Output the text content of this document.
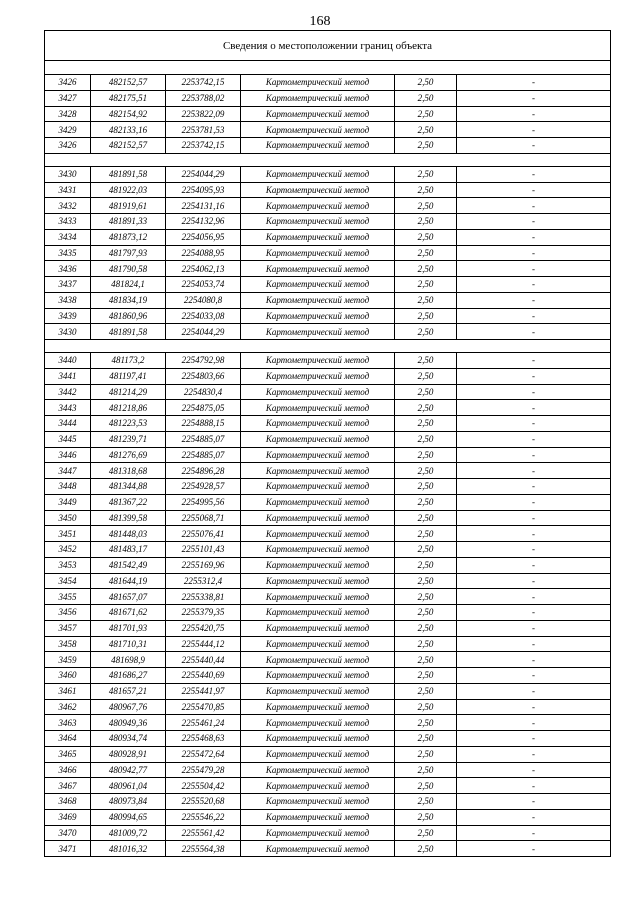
168
Сведения о местоположении границ объекта					

3426	482152,57	2253742,15	Картометрический метод	2,50	-
3427	482175,51	2253788,02	Картометрический метод	2,50	-
3428	482154,92	2253822,09	Картометрический метод	2,50	-
3429	482133,16	2253781,53	Картометрический метод	2,50	-
3426	482152,57	2253742,15	Картометрический метод	2,50	-

3430	481891,58	2254044,29	Картометрический метод	2,50	-
3431	481922,03	2254095,93	Картометрический метод	2,50	-
3432	481919,61	2254131,16	Картометрический метод	2,50	-
3433	481891,33	2254132,96	Картометрический метод	2,50	-
3434	481873,12	2254056,95	Картометрический метод	2,50	-
3435	481797,93	2254088,95	Картометрический метод	2,50	-
3436	481790,58	2254062,13	Картометрический метод	2,50	-
3437	481824,1	2254053,74	Картометрический метод	2,50	-
3438	481834,19	2254080,8	Картометрический метод	2,50	-
3439	481860,96	2254033,08	Картометрический метод	2,50	-
3430	481891,58	2254044,29	Картометрический метод	2,50	-

3440	481173,2	2254792,98	Картометрический метод	2,50	-
3441	481197,41	2254803,66	Картометрический метод	2,50	-
3442	481214,29	2254830,4	Картометрический метод	2,50	-
3443	481218,86	2254875,05	Картометрический метод	2,50	-
3444	481223,53	2254888,15	Картометрический метод	2,50	-
3445	481239,71	2254885,07	Картометрический метод	2,50	-
3446	481276,69	2254885,07	Картометрический метод	2,50	-
3447	481318,68	2254896,28	Картометрический метод	2,50	-
3448	481344,88	2254928,57	Картометрический метод	2,50	-
3449	481367,22	2254995,56	Картометрический метод	2,50	-
3450	481399,58	2255068,71	Картометрический метод	2,50	-
3451	481448,03	2255076,41	Картометрический метод	2,50	-
3452	481483,17	2255101,43	Картометрический метод	2,50	-
3453	481542,49	2255169,96	Картометрический метод	2,50	-
3454	481644,19	2255312,4	Картометрический метод	2,50	-
3455	481657,07	2255338,81	Картометрический метод	2,50	-
3456	481671,62	2255379,35	Картометрический метод	2,50	-
3457	481701,93	2255420,75	Картометрический метод	2,50	-
3458	481710,31	2255444,12	Картометрический метод	2,50	-
3459	481698,9	2255440,44	Картометрический метод	2,50	-
3460	481686,27	2255440,69	Картометрический метод	2,50	-
3461	481657,21	2255441,97	Картометрический метод	2,50	-
3462	480967,76	2255470,85	Картометрический метод	2,50	-
3463	480949,36	2255461,24	Картометрический метод	2,50	-
3464	480934,74	2255468,63	Картометрический метод	2,50	-
3465	480928,91	2255472,64	Картометрический метод	2,50	-
3466	480942,77	2255479,28	Картометрический метод	2,50	-
3467	480961,04	2255504,42	Картометрический метод	2,50	-
3468	480973,84	2255520,68	Картометрический метод	2,50	-
3469	480994,65	2255546,22	Картометрический метод	2,50	-
3470	481009,72	2255561,42	Картометрический метод	2,50	-
3471	481016,32	2255564,38	Картометрический метод	2,50	-
